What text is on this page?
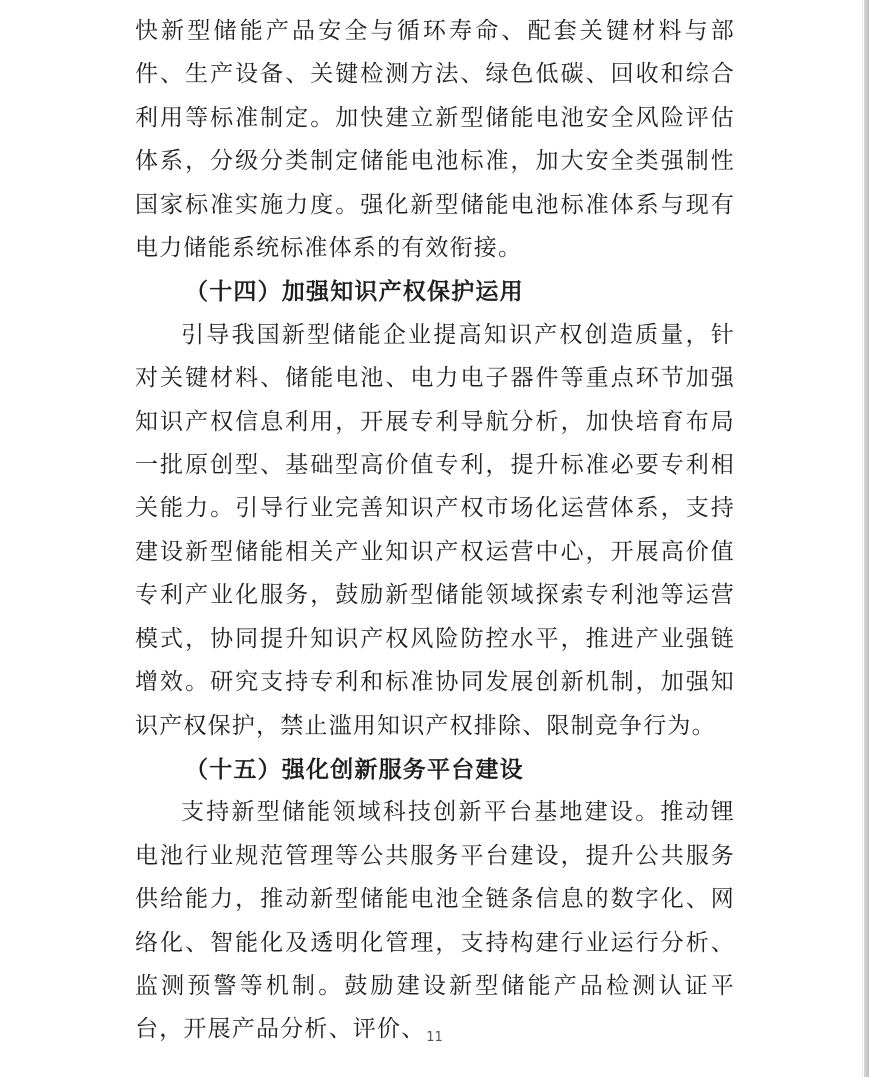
快新型储能产品安全与循环寿命、配套关键材料与部件、生产设备、关键检测方法、绿色低碳、回收和综合利用等标准制定。加快建立新型储能电池安全风险评估体系，分级分类制定储能电池标准，加大安全类强制性国家标准实施力度。强化新型储能电池标准体系与现有电力储能系统标准体系的有效衔接。

（十四）加强知识产权保护运用

引导我国新型储能企业提高知识产权创造质量，针对关键材料、储能电池、电力电子器件等重点环节加强知识产权信息利用，开展专利导航分析，加快培育布局一批原创型、基础型高价值专利，提升标准必要专利相关能力。引导行业完善知识产权市场化运营体系，支持建设新型储能相关产业知识产权运营中心，开展高价值专利产业化服务，鼓励新型储能领域探索专利池等运营模式，协同提升知识产权风险防控水平，推进产业强链增效。研究支持专利和标准协同发展创新机制，加强知识产权保护，禁止滥用知识产权排除、限制竞争行为。

（十五）强化创新服务平台建设

支持新型储能领域科技创新平台基地建设。推动锂电池行业规范管理等公共服务平台建设，提升公共服务供给能力，推动新型储能电池全链条信息的数字化、网络化、智能化及透明化管理，支持构建行业运行分析、监测预警等机制。鼓励建设新型储能产品检测认证平台，开展产品分析、评价、 11
